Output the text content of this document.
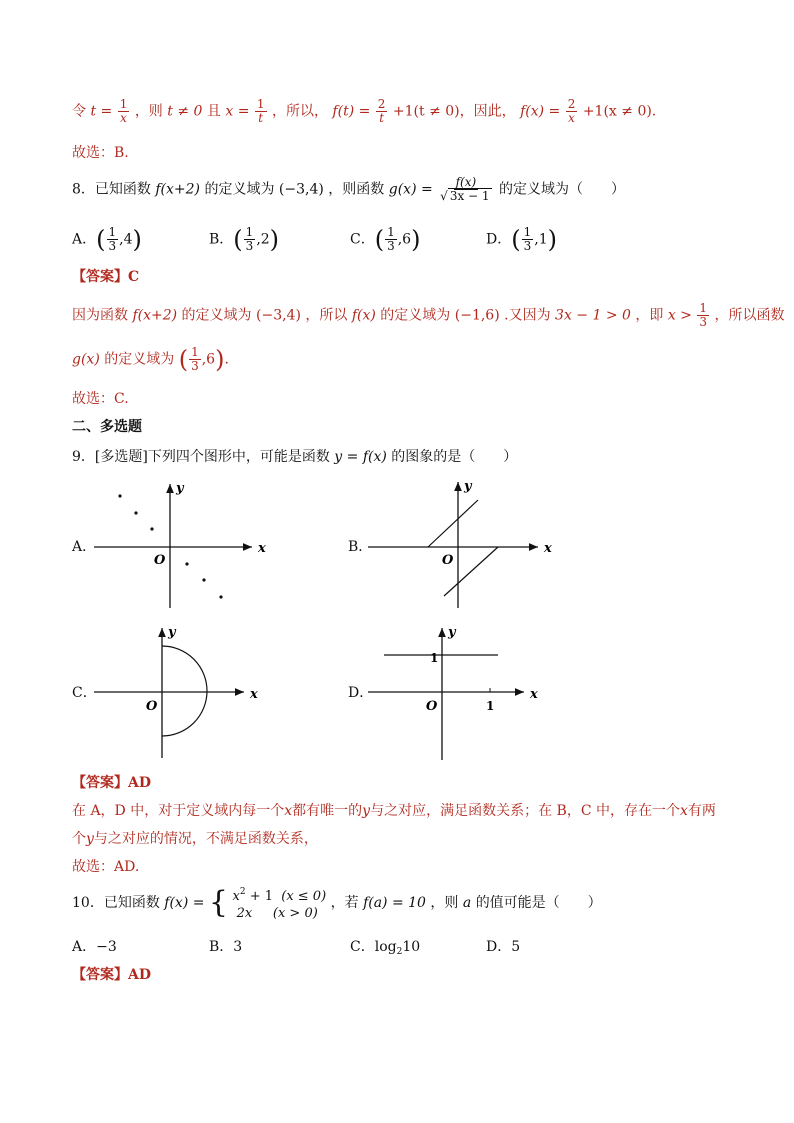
令 $t = \frac{1}{x}$ ，则 t ≠ 0 且 $x = \frac{1}{t}$ ，所以， $f(t) = \frac{2}{t} +1(t \ne 0)$，因此， $f(x) = \frac{2}{x} +1(x \ne 0)$.
故选：B.
8．已知函数 f(x+2) 的定义域为 (−3,4) ，则函数 $g(x) = \frac{f(x)}{√ 3x - 1}$ 的定义域为（　　）
A．( $\frac{1}{3} ,4$)	B．( $\frac{1}{3} ,2$)	C．( $\frac{1}{3} ,6$)	D．( $\frac{1}{3} ,1$)
【答案】C
因为函数 f(x+2) 的定义域为 (−3,4) ，所以 f(x) 的定义域为 (−1,6) .又因为 3x − 1 > 0 ，即 $x > \frac{1}{3}$ ，所以函数
g(x) 的定义域为 ( $\frac{1}{3} ,6$).
故选：C.
二、多选题
9．[多选题]下列四个图形中，可能是函数 y = f(x) 的图象的是（　　）
A．	x
y
O
B．	x
y
O
C．	x
y
O
D．	x
y
O
1
1
【答案】AD
在 A，D 中，对于定义域内每一个x都有唯一的y与之对应，满足函数关系；在 B，C 中，存在一个x有两
个y与之对应的情况，不满足函数关系，
故选：AD.
10．已知函数 f(x) = { $x^2 + 1$ (x ≤ 0)
2x (x > 0)
，若 f(a) = 10 ，则 a 的值可能是（　　）
A．−3	B．3	C．$\log_210$	D．5
【答案】AD
